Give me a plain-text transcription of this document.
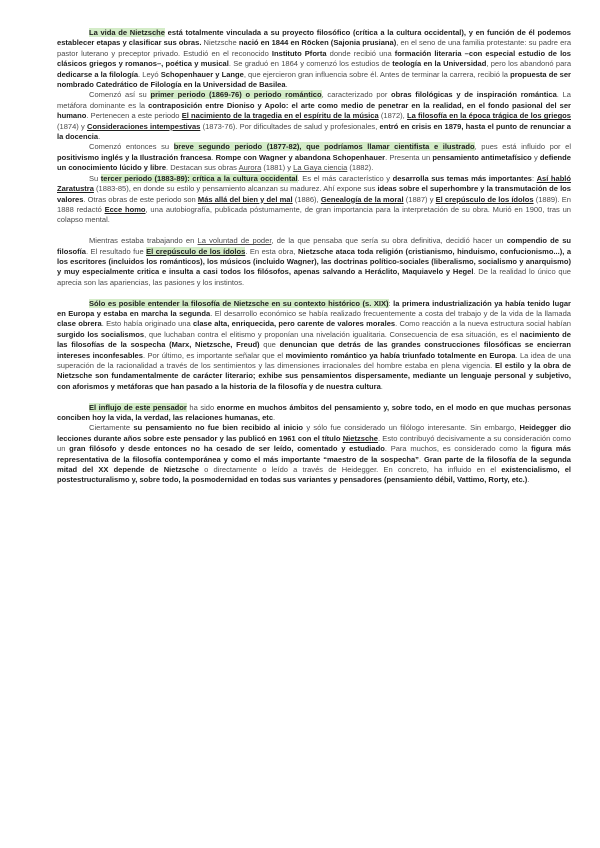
La vida de Nietzsche está totalmente vinculada a su proyecto filosófico (crítica a la cultura occidental), y en función de él podemos establecer etapas y clasificar sus obras. Nietzsche nació en 1844 en Röcken (Sajonia prusiana), en el seno de una familia protestante: su padre era pastor luterano y preceptor privado. Estudió en el reconocido Instituto Pforta donde recibió una formación literaria –con especial estudio de los clásicos griegos y romanos–, poética y musical. Se graduó en 1864 y comenzó los estudios de teología en la Universidad, pero los abandonó para dedicarse a la filología. Leyó Schopenhauer y Lange, que ejercieron gran influencia sobre él. Antes de terminar la carrera, recibió la propuesta de ser nombrado Catedrático de Filología en la Universidad de Basilea.

Comenzó así su primer periodo (1869-76) o periodo romántico, caracterizado por obras filológicas y de inspiración romántica. La metáfora dominante es la contraposición entre Dioniso y Apolo: el arte como medio de penetrar en la realidad, en el fondo pasional del ser humano. Pertenecen a este periodo El nacimiento de la tragedia en el espíritu de la música (1872), La filosofía en la época trágica de los griegos (1874) y Consideraciones intempestivas (1873-76). Por dificultades de salud y profesionales, entró en crisis en 1879, hasta el punto de renunciar a la docencia.

Comenzó entonces su breve segundo periodo (1877-82), que podríamos llamar cientifista e ilustrado, pues está influido por el positivismo inglés y la Ilustración francesa. Rompe con Wagner y abandona Schopenhauer. Presenta un pensamiento antimetafísico y defiende un conocimiento lúcido y libre. Destacan sus obras Aurora (1881) y La Gaya ciencia (1882).

Su tercer periodo (1883-89): crítica a la cultura occidental. Es el más característico y desarrolla sus temas más importantes: Así habló Zaratustra (1883-85), en donde su estilo y pensamiento alcanzan su madurez. Ahí expone sus ideas sobre el superhombre y la transmutación de los valores. Otras obras de este periodo son Más allá del bien y del mal (1886), Genealogía de la moral (1887) y El crepúsculo de los ídolos (1889). En 1888 redactó Ecce homo, una autobiografía, publicada póstumamente, de gran importancia para la interpretación de su obra. Murió en 1900, tras un colapso mental.

Mientras estaba trabajando en La voluntad de poder, de la que pensaba que sería su obra definitiva, decidió hacer un compendio de su filosofía. El resultado fue El crepúsculo de los ídolos. En esta obra, Nietzsche ataca toda religión (cristianismo, hinduismo, confucionismo...), a los escritores (incluidos los románticos), los músicos (incluido Wagner), las doctrinas político-sociales (liberalismo, socialismo y anarquismo) y muy especialmente critica e insulta a casi todos los filósofos, apenas salvando a Heráclito, Maquiavelo y Hegel. De la realidad lo único que aprecia son las apariencias, las pasiones y los instintos.

Sólo es posible entender la filosofía de Nietzsche en su contexto histórico (s. XIX): la primera industrialización ya había tenido lugar en Europa y estaba en marcha la segunda. El desarrollo económico se había realizado frecuentemente a costa del trabajo y de la vida de la llamada clase obrera. Esto había originado una clase alta, enriquecida, pero carente de valores morales. Como reacción a la nueva estructura social habían surgido los socialismos, que luchaban contra el elitismo y proponían una nivelación igualitaria. Consecuencia de esa situación, es el nacimiento de las filosofías de la sospecha (Marx, Nietzsche, Freud) que denuncian que detrás de las grandes construcciones filosóficas se encierran intereses inconfesables. Por último, es importante señalar que el movimiento romántico ya había triunfado totalmente en Europa. La idea de una superación de la racionalidad a través de los sentimientos y las dimensiones irracionales del hombre estaba en plena vigencia. El estilo y la obra de Nietzsche son fundamentalmente de carácter literario; exhibe sus pensamientos dispersamente, mediante un lenguaje personal y subjetivo, con aforismos y metáforas que han pasado a la historia de la filosofía y de nuestra cultura.

El influjo de este pensador ha sido enorme en muchos ámbitos del pensamiento y, sobre todo, en el modo en que muchas personas conciben hoy la vida, la verdad, las relaciones humanas, etc.

Ciertamente su pensamiento no fue bien recibido al inicio y sólo fue considerado un filólogo interesante. Sin embargo, Heidegger dio lecciones durante años sobre este pensador y las publicó en 1961 con el título Nietzsche. Esto contribuyó decisivamente a su consideración como un gran filósofo y desde entonces no ha cesado de ser leído, comentado y estudiado. Para muchos, es considerado como la figura más representativa de la filosofía contemporánea y como el más importante “maestro de la sospecha”. Gran parte de la filosofía de la segunda mitad del XX depende de Nietzsche o directamente o leído a través de Heidegger. En concreto, ha influido en el existencialismo, el postestructuralismo y, sobre todo, la posmodernidad en todas sus variantes y pensadores (pensamiento débil, Vattimo, Rorty, etc.).
